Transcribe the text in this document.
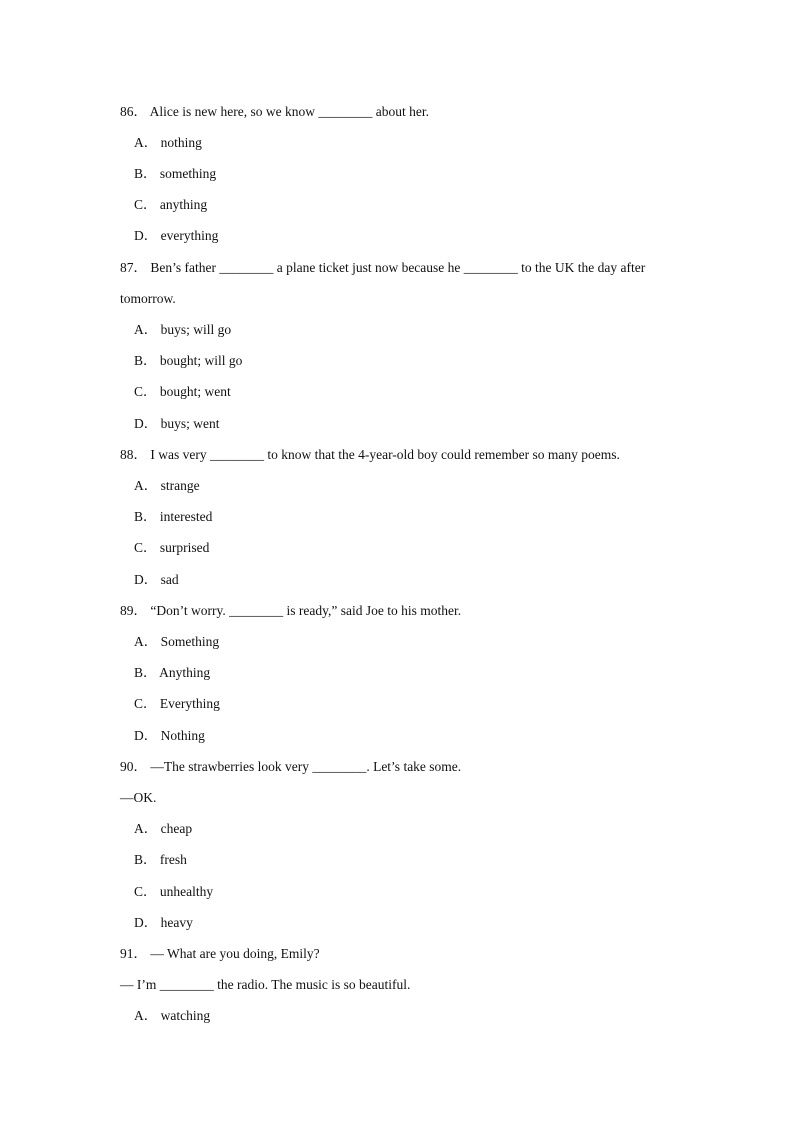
86． Alice is new here, so we know ________ about her.
A． nothing
B． something
C． anything
D． everything
87． Ben’s father ________ a plane ticket just now because he ________ to the UK the day after
tomorrow.
A． buys; will go
B． bought; will go
C． bought; went
D． buys; went
88． I was very ________ to know that the 4-year-old boy could remember so many poems.
A． strange
B． interested
C． surprised
D． sad
89． “Don’t worry. ________ is ready,” said Joe to his mother.
A． Something
B． Anything
C． Everything
D． Nothing
90． —The strawberries look very ________. Let’s take some.
—OK.
A． cheap
B． fresh
C． unhealthy
D． heavy
91． — What are you doing, Emily?
— I’m ________ the radio. The music is so beautiful.
A． watching
